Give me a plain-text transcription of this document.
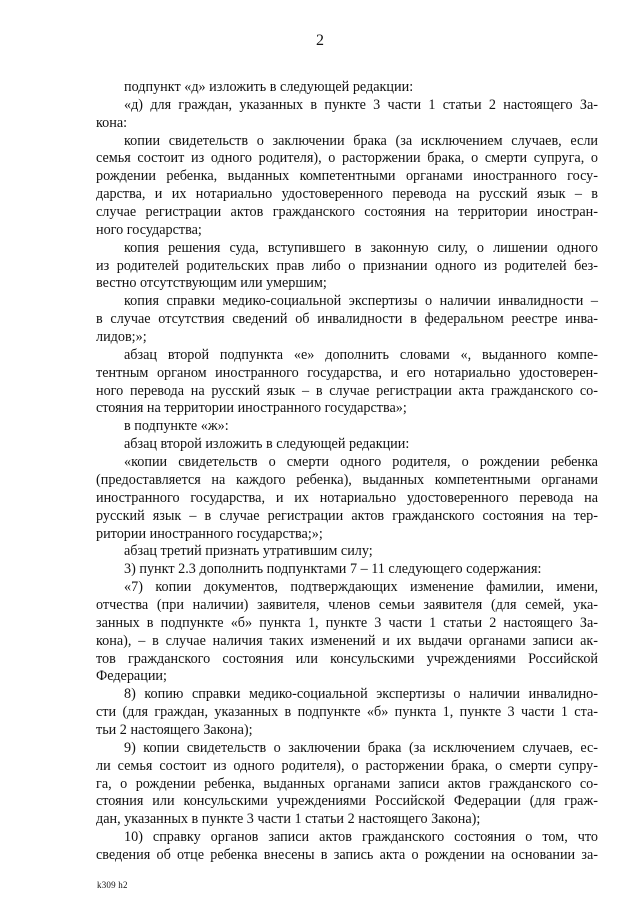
2
подпункт «д» изложить в следующей редакции:
«д) для граждан, указанных в пункте 3 части 1 статьи 2 настоящего За-
кона:
копии свидетельств о заключении брака (за исключением случаев, если
семья состоит из одного родителя), о расторжении брака, о смерти супруга, о
рождении ребенка, выданных компетентными органами иностранного госу-
дарства, и их нотариально удостоверенного перевода на русский язык – в
случае регистрации актов гражданского состояния на территории иностран-
ного государства;
копия решения суда, вступившего в законную силу, о лишении одного
из родителей родительских прав либо о признании одного из родителей без-
вестно отсутствующим или умершим;
копия справки медико-социальной экспертизы о наличии инвалидности –
в случае отсутствия сведений об инвалидности в федеральном реестре инва-
лидов;»;
абзац второй подпункта «е» дополнить словами «, выданного компе-
тентным органом иностранного государства, и его нотариально удостоверен-
ного перевода на русский язык – в случае регистрации акта гражданского со-
стояния на территории иностранного государства»;
в подпункте «ж»:
абзац второй изложить в следующей редакции:
«копии свидетельств о смерти одного родителя, о рождении ребенка
(предоставляется на каждого ребенка), выданных компетентными органами
иностранного государства, и их нотариально удостоверенного перевода на
русский язык – в случае регистрации актов гражданского состояния на тер-
ритории иностранного государства;»;
абзац третий признать утратившим силу;
3) пункт 2.3 дополнить подпунктами 7 – 11 следующего содержания:
«7) копии документов, подтверждающих изменение фамилии, имени,
отчества (при наличии) заявителя, членов семьи заявителя (для семей, ука-
занных в подпункте «б» пункта 1, пункте 3 части 1 статьи 2 настоящего За-
кона), – в случае наличия таких изменений и их выдачи органами записи ак-
тов гражданского состояния или консульскими учреждениями Российской
Федерации;
8) копию справки медико-социальной экспертизы о наличии инвалидно-
сти (для граждан, указанных в подпункте «б» пункта 1, пункте 3 части 1 ста-
тьи 2 настоящего Закона);
9) копии свидетельств о заключении брака (за исключением случаев, ес-
ли семья состоит из одного родителя), о расторжении брака, о смерти супру-
га, о рождении ребенка, выданных органами записи актов гражданского со-
стояния или консульскими учреждениями Российской Федерации (для граж-
дан, указанных в пункте 3 части 1 статьи 2 настоящего Закона);
10) справку органов записи актов гражданского состояния о том, что
сведения об отце ребенка внесены в запись акта о рождении на основании за-
k309 h2
